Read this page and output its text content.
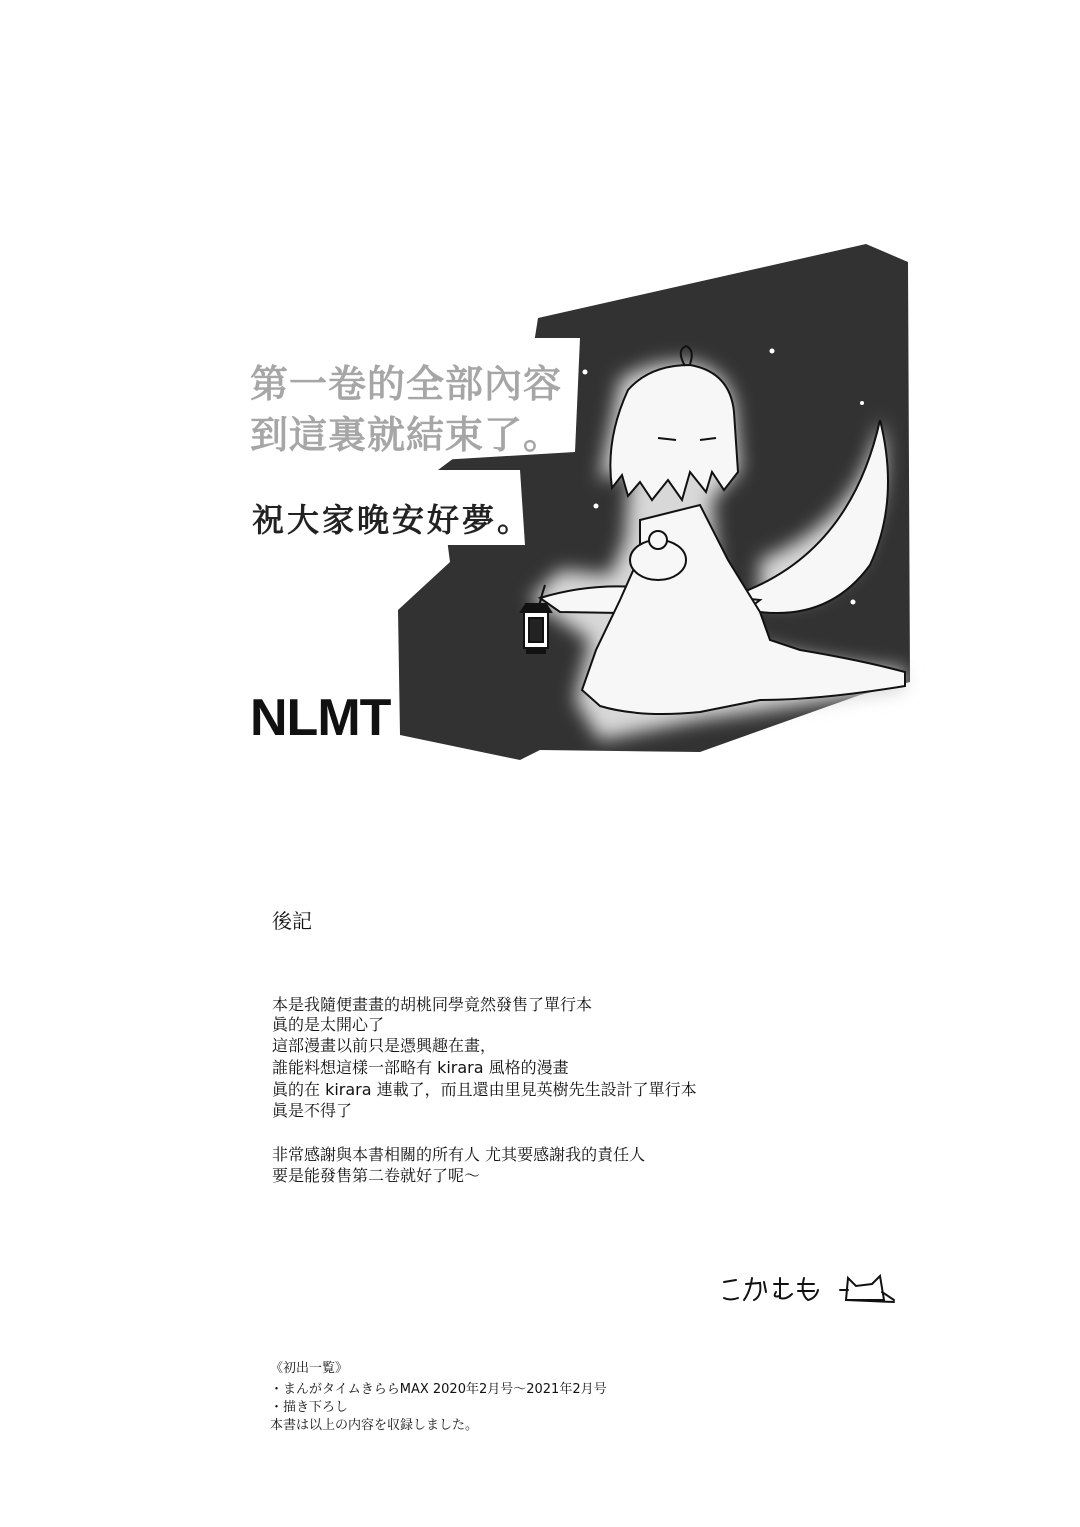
第一卷的全部內容
到這裏就結束了。
祝大家晚安好夢。
NLMT
後記
本是我隨便畫畫的胡桃同學竟然發售了單行本
眞的是太開心了
這部漫畫以前只是憑興趣在畫，
誰能料想這樣一部略有 kirara 風格的漫畫
眞的在 kirara 連載了，而且還由里見英樹先生設計了單行本
眞是不得了
非常感謝與本書相關的所有人 尤其要感謝我的責任人
要是能發售第二卷就好了呢～
《初出一覧》
・まんがタイムきららMAX 2020年2月号～2021年2月号
・描き下ろし
本書は以上の内容を収録しました。
